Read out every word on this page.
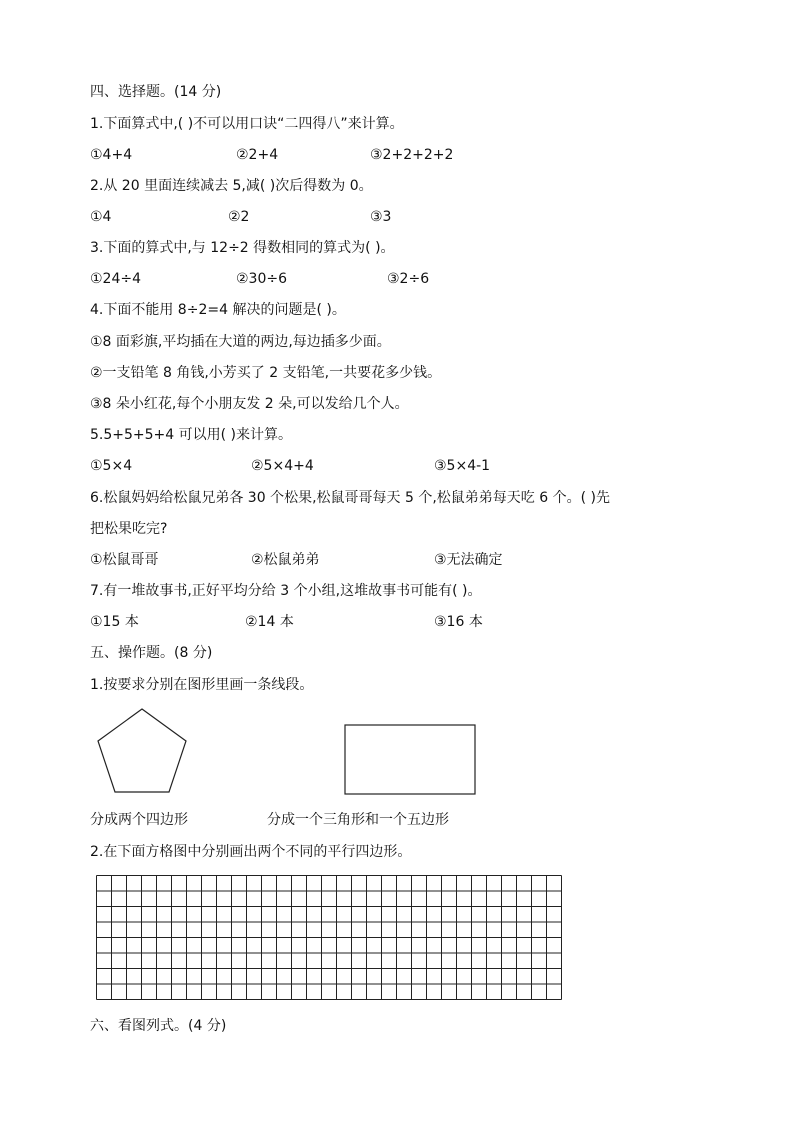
四、选择题。(14 分)
1.下面算式中,( )不可以用口诀“二四得八”来计算。
①4+4	②2+4	③2+2+2+2
2.从 20 里面连续减去 5,减( )次后得数为 0。
①4	②2	③3
3.下面的算式中,与 12÷2 得数相同的算式为( )。
①24÷4	②30÷6	③2÷6
4.下面不能用 8÷2=4 解决的问题是( )。
①8 面彩旗,平均插在大道的两边,每边插多少面。
②一支铅笔 8 角钱,小芳买了 2 支铅笔,一共要花多少钱。
③8 朵小红花,每个小朋友发 2 朵,可以发给几个人。
5.5+5+5+4 可以用( )来计算。
①5×4	②5×4+4	③5×4-1
6.松鼠妈妈给松鼠兄弟各 30 个松果,松鼠哥哥每天 5 个,松鼠弟弟每天吃 6 个。( )先
把松果吃完?
①松鼠哥哥	②松鼠弟弟	③无法确定
7.有一堆故事书,正好平均分给 3 个小组,这堆故事书可能有( )。
①15 本	②14 本	③16 本
五、操作题。(8 分)
1.按要求分别在图形里画一条线段。
分成两个四边形	分成一个三角形和一个五边形
2.在下面方格图中分别画出两个不同的平行四边形。
六、看图列式。(4 分)
